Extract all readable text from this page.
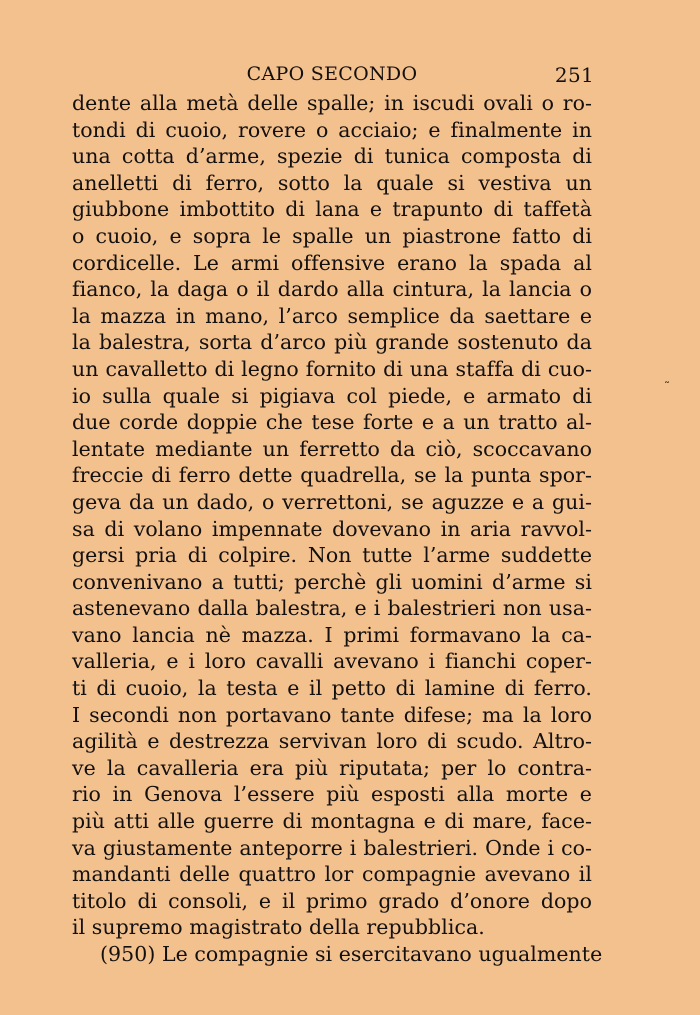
CAPO SECONDO	251
dente alla metà delle spalle; in iscudi ovali o ro-
tondi di cuoio, rovere o acciaio; e finalmente in
una cotta d’arme, spezie di tunica composta di
anelletti di ferro, sotto la quale si vestiva un
giubbone imbottito di lana e trapunto di taffetà
o cuoio, e sopra le spalle un piastrone fatto di
cordicelle. Le armi offensive erano la spada al
fianco, la daga o il dardo alla cintura, la lancia o
la mazza in mano, l’arco semplice da saettare e
la balestra, sorta d’arco più grande sostenuto da
un cavalletto di legno fornito di una staffa di cuo-
io sulla quale si pigiava col piede, e armato di
due corde doppie che tese forte e a un tratto al-
lentate mediante un ferretto da ciò, scoccavano
freccie di ferro dette quadrella, se la punta spor-
geva da un dado, o verrettoni, se aguzze e a gui-
sa di volano impennate dovevano in aria ravvol-
gersi pria di colpire. Non tutte l’arme suddette
convenivano a tutti; perchè gli uomini d’arme si
astenevano dalla balestra, e i balestrieri non usa-
vano lancia nè mazza. I primi formavano la ca-
valleria, e i loro cavalli avevano i fianchi coper-
ti di cuoio, la testa e il petto di lamine di ferro.
I secondi non portavano tante difese; ma la loro
agilità e destrezza servivan loro di scudo. Altro-
ve la cavalleria era più riputata; per lo contra-
rio in Genova l’essere più esposti alla morte e
più atti alle guerre di montagna e di mare, face-
va giustamente anteporre i balestrieri. Onde i co-
mandanti delle quattro lor compagnie avevano il
titolo di consoli, e il primo grado d’onore dopo
il supremo magistrato della repubblica.
(950) Le compagnie si esercitavano ugualmente
˜
